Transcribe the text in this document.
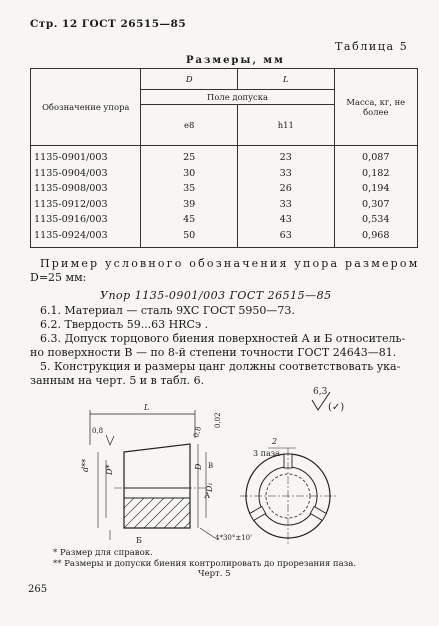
Стр. 12 ГОСТ 26515—85
Таблица 5
Размеры, мм
Обозначение упора	D	L	Масса, кг, не более
	Поле допуска		
	e8	h11	
1135-0901/003	25	23	0,087
1135-0904/003	30	33	0,182
1135-0908/003	35	26	0,194
1135-0912/003	39	33	0,307
1135-0916/003	45	43	0,534
1135-0924/003	50	63	0,968
Пример условного обозначения упора размером
D=25 мм:
Упор 1135-0901/003 ГОСТ 26515—85
6.1. Материал — сталь 9ХС ГОСТ 5950—73.
6.2. Твердость 59...63 HRCэ .
6.3. Допуск торцового биения поверхностей А и Б относитель-
но поверхности В — по 8-й степени точности ГОСТ 24643—81.
5. Конструкция и размеры цанг должны соответствовать ука-
занным на черт. 5 и в табл. 6.
6,3
(✓)
L
0,8	0,8
d** D*	D
D₁
А
Б
В
4*30°±10'
0,02
2
3 паза
* Размер для справок.
** Размеры и допуски биения контролировать до прорезания паза.
Черт. 5
265
